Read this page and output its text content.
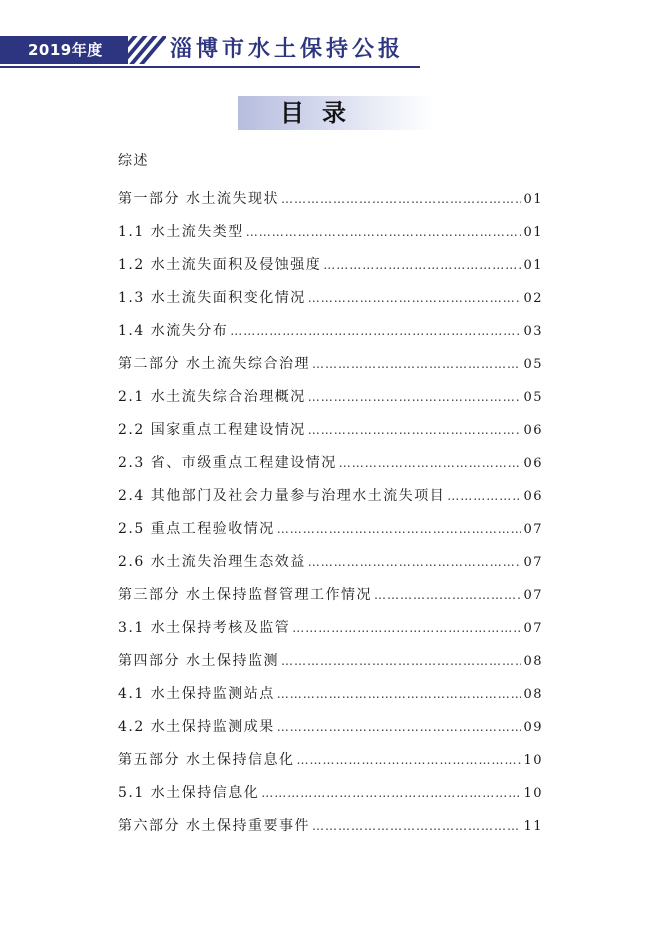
2019年度	淄博市水土保持公报
目录
综述
第一部分 水土流失现状 ……………………………………………………………………………………………………………………………………………	01
1.1 水土流失类型 ……………………………………………………………………………………………………………………………………………	01
1.2 水土流失面积及侵蚀强度 ……………………………………………………………………………………………………………………………………………	01
1.3 水土流失面积变化情况 ……………………………………………………………………………………………………………………………………………	02
1.4 水流失分布 ……………………………………………………………………………………………………………………………………………	03
第二部分 水土流失综合治理 ……………………………………………………………………………………………………………………………………………	05
2.1 水土流失综合治理概况 ……………………………………………………………………………………………………………………………………………	05
2.2 国家重点工程建设情况 ……………………………………………………………………………………………………………………………………………	06
2.3 省、市级重点工程建设情况 ……………………………………………………………………………………………………………………………………………	06
2.4 其他部门及社会力量参与治理水土流失项目 ……………………………………………………………………………………………………………………………………………	06
2.5 重点工程验收情况 ……………………………………………………………………………………………………………………………………………	07
2.6 水土流失治理生态效益 ……………………………………………………………………………………………………………………………………………	07
第三部分 水土保持监督管理工作情况 ……………………………………………………………………………………………………………………………………………	07
3.1 水土保持考核及监管 ……………………………………………………………………………………………………………………………………………	07
第四部分 水土保持监测 ……………………………………………………………………………………………………………………………………………	08
4.1 水土保持监测站点 ……………………………………………………………………………………………………………………………………………	08
4.2 水土保持监测成果 ……………………………………………………………………………………………………………………………………………	09
第五部分 水土保持信息化 ……………………………………………………………………………………………………………………………………………	10
5.1 水土保持信息化 ……………………………………………………………………………………………………………………………………………	10
第六部分 水土保持重要事件 ……………………………………………………………………………………………………………………………………………	11
